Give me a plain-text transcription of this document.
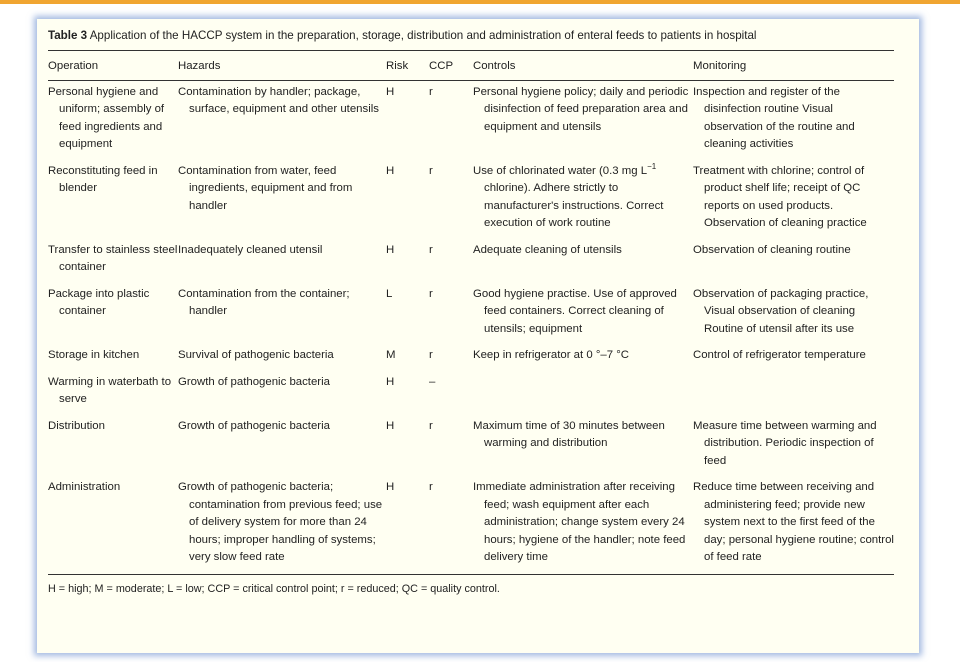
Table 3 Application of the HACCP system in the preparation, storage, distribution and administration of enteral feeds to patients in hospital
Operation	Hazards	Risk	CCP	Controls	Monitoring

Personal hygiene and uniform; assembly of feed ingredients and equipment	Contamination by handler; package, surface, equipment and other utensils	H	r	Personal hygiene policy; daily and periodic disinfection of feed preparation area and equipment and utensils	Inspection and register of the disinfection routine Visual observation of the routine and cleaning activities

Reconstituting feed in blender	Contamination from water, feed ingredients, equipment and from handler	H	r	Use of chlorinated water (0.3 mg $L^{-1}$ chlorine). Adhere strictly to manufacturer's instructions. Correct execution of work routine	Treatment with chlorine; control of product shelf life; receipt of QC reports on used products. Observation of cleaning practice

Transfer to stainless steel container	Inadequately cleaned utensil	H	r	Adequate cleaning of utensils	Observation of cleaning routine

Package into plastic container	Contamination from the container; handler	L	r	Good hygiene practise. Use of approved feed containers. Correct cleaning of utensils; equipment	Observation of packaging practice, Visual observation of cleaning Routine of utensil after its use

Storage in kitchen	Survival of pathogenic bacteria	M	r	Keep in refrigerator at 0 °–7 °C	Control of refrigerator temperature

Warming in waterbath to serve	Growth of pathogenic bacteria	H	–		

Distribution	Growth of pathogenic bacteria	H	r	Maximum time of 30 minutes between warming and distribution	Measure time between warming and distribution. Periodic inspection of feed

Administration	Growth of pathogenic bacteria; contamination from previous feed; use of delivery system for more than 24 hours; improper handling of systems; very slow feed rate	H	r	Immediate administration after receiving feed; wash equipment after each administration; change system every 24 hours; hygiene of the handler; note feed delivery time	Reduce time between receiving and administering feed; provide new system next to the first feed of the day; personal hygiene routine; control of feed rate
H = high; M = moderate; L = low; CCP = critical control point; r = reduced; QC = quality control.
